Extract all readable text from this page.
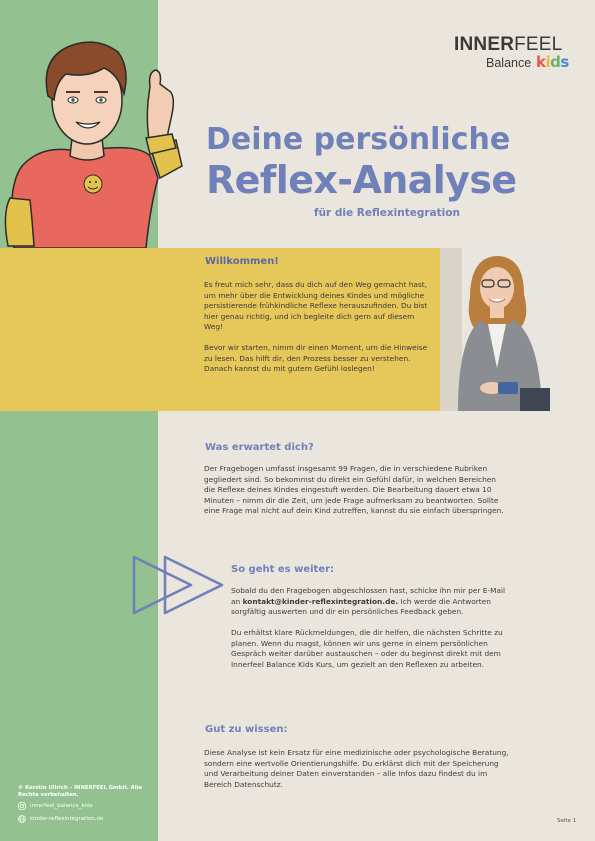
INNERFEEL
Balance kids
Deine persönliche
Reflex-Analyse
für die Reflexintegration
Willkommen!

Es freut mich sehr, dass du dich auf den Weg gemacht hast, um mehr über die Entwicklung deines Kindes und mögliche persistierende frühkindliche Reflexe herauszufinden. Du bist hier genau richtig, und ich begleite dich gern auf diesem Weg!

Bevor wir starten, nimm dir einen Moment, um die Hinweise zu lesen. Das hilft dir, den Prozess besser zu verstehen. Danach kannst du mit gutem Gefühl loslegen!

Was erwartet dich?

Der Fragebogen umfasst insgesamt 99 Fragen, die in verschiedene Rubriken gegliedert sind. So bekommst du direkt ein Gefühl dafür, in welchen Bereichen die Reflexe deines Kindes eingestuft werden. Die Bearbeitung dauert etwa 10 Minuten – nimm dir die Zeit, um jede Frage aufmerksam zu beantworten. Sollte eine Frage mal nicht auf dein Kind zutreffen, kannst du sie einfach überspringen.

So geht es weiter:

Sobald du den Fragebogen abgeschlossen hast, schicke ihn mir per E-Mail an kontakt@kinder-reflexintegration.de. Ich werde die Antworten sorgfältig auswerten und dir ein persönliches Feedback geben.

Du erhältst klare Rückmeldungen, die dir helfen, die nächsten Schritte zu planen. Wenn du magst, können wir uns gerne in einem persönlichen Gespräch weiter darüber austauschen – oder du beginnst direkt mit dem Innerfeel Balance Kids Kurs, um gezielt an den Reflexen zu arbeiten.

Gut zu wissen:

Diese Analyse ist kein Ersatz für eine medizinische oder psychologische Beratung, sondern eine wertvolle Orientierungshilfe. Du erklärst dich mit der Speicherung und Verarbeitung deiner Daten einverstanden – alle Infos dazu findest du im Bereich Datenschutz.

© Kerstin Ullrich – INNERFEEL GmbH. Alle Rechte vorbehalten.
innerfeel_balance_kids
kinder-reflexintegration.de	Seite 1
